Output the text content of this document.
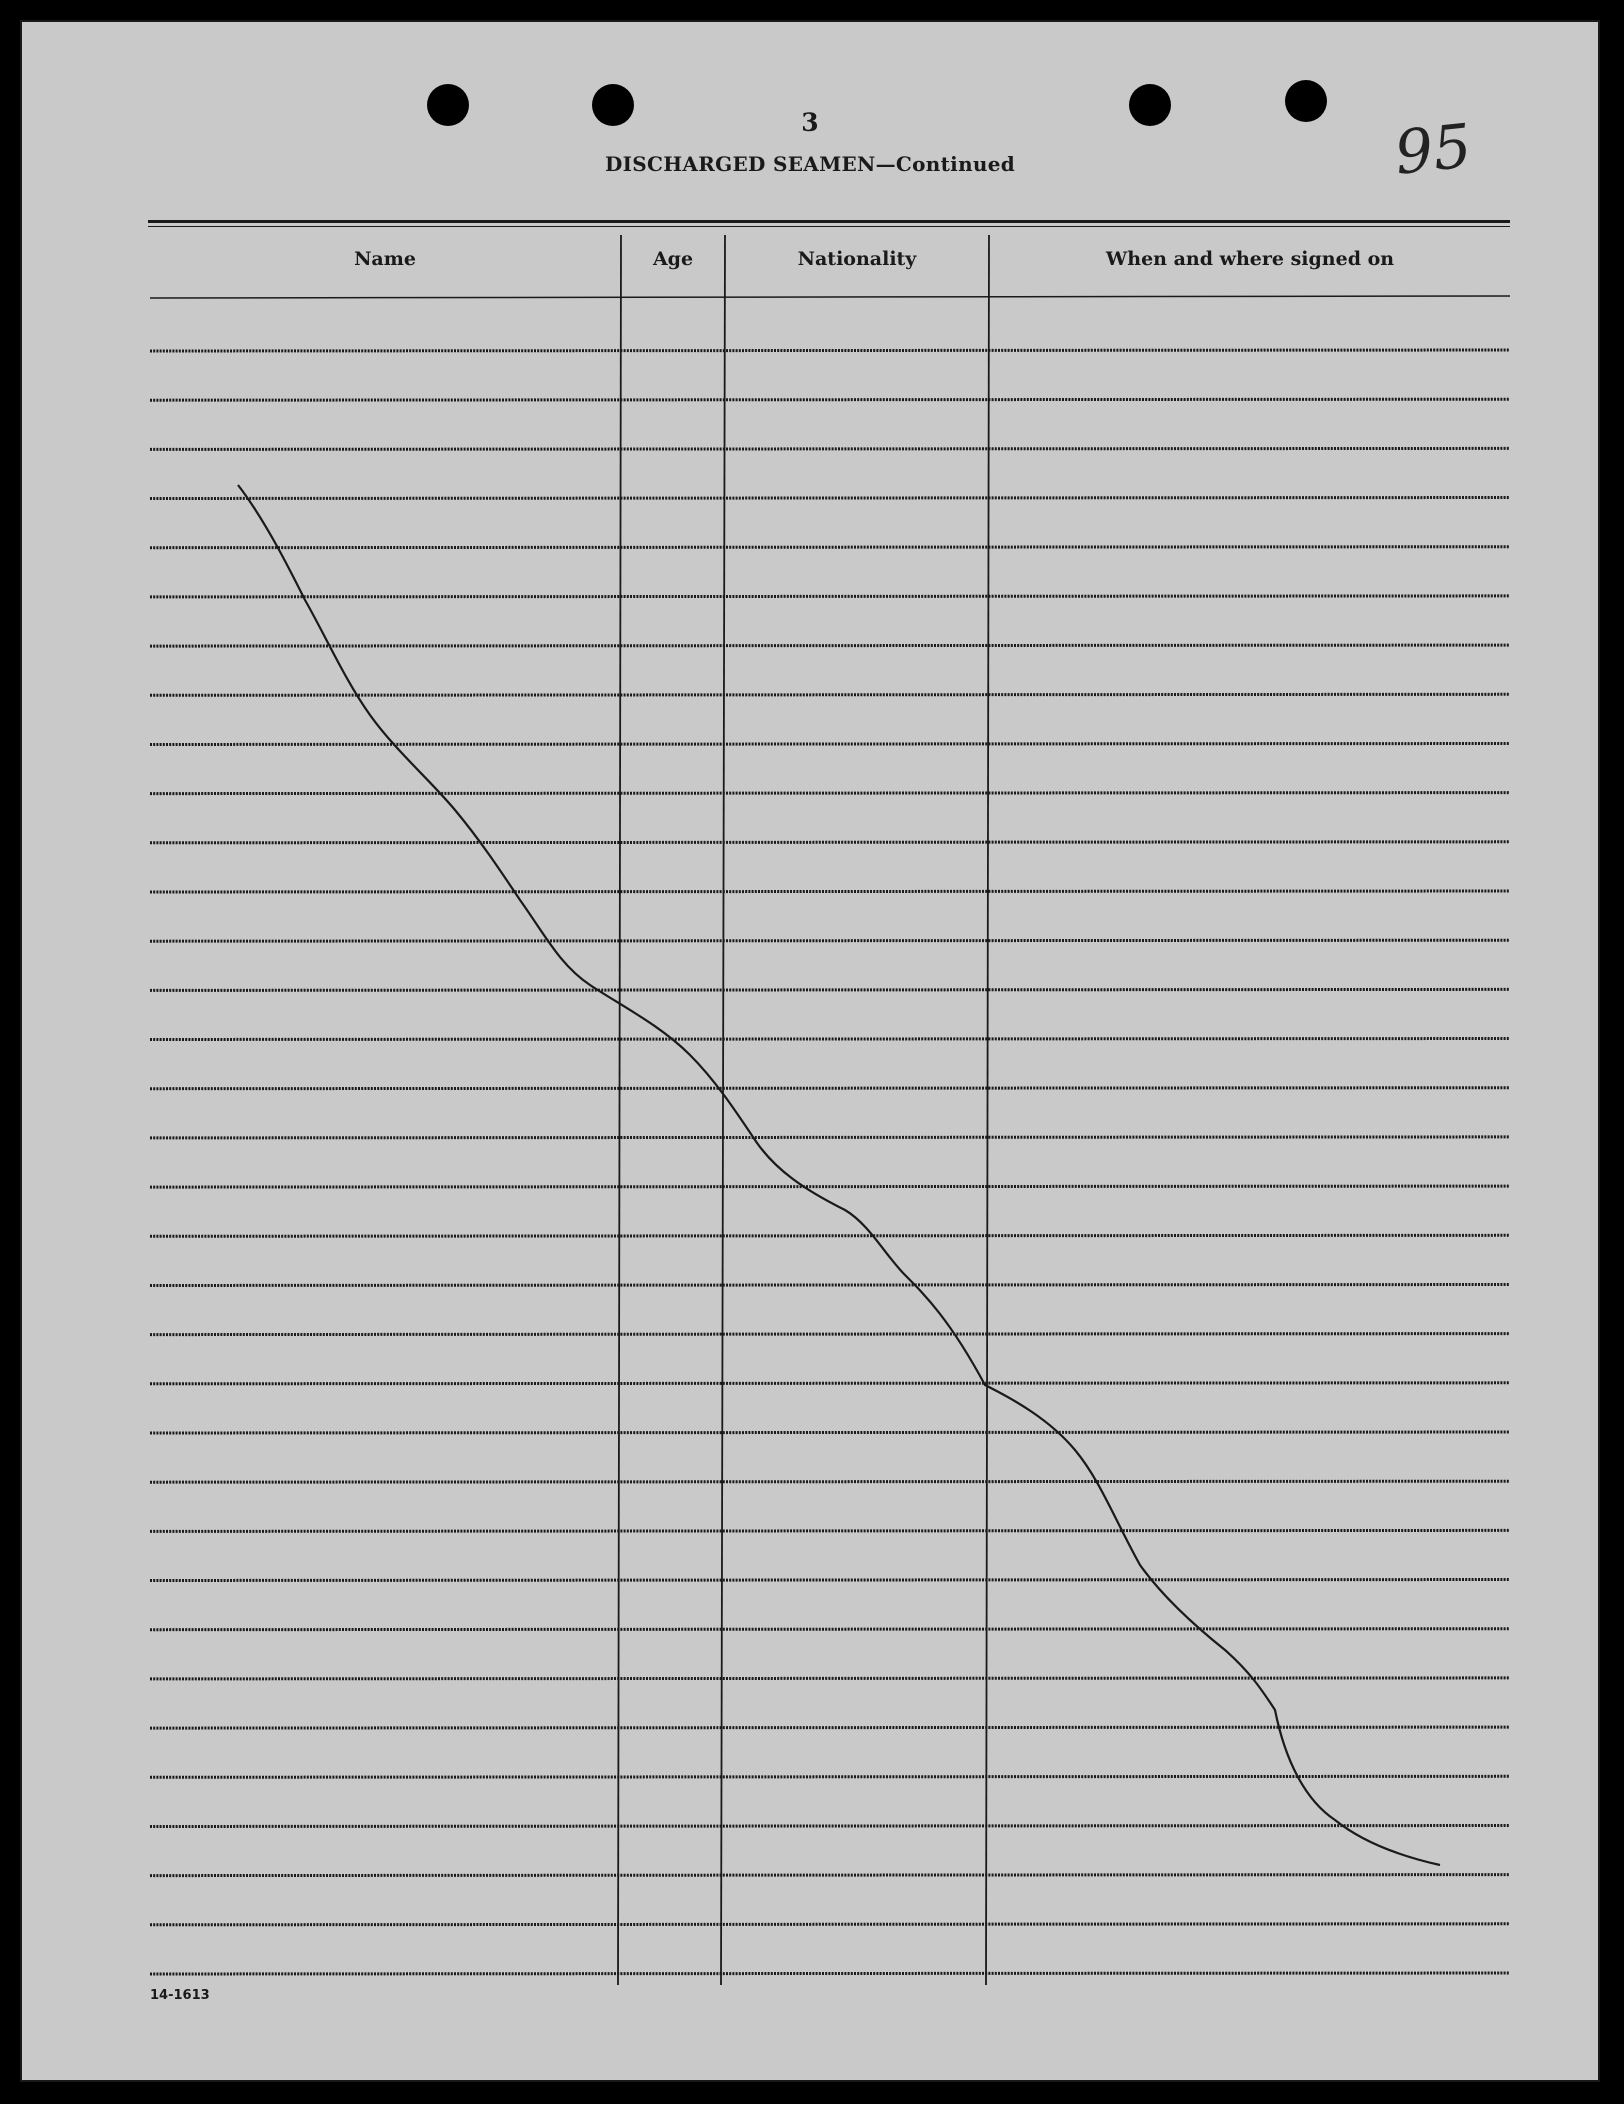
3
DISCHARGED SEAMEN—Continued	95
Name	Age	Nationality	When and where signed on
14-1613
